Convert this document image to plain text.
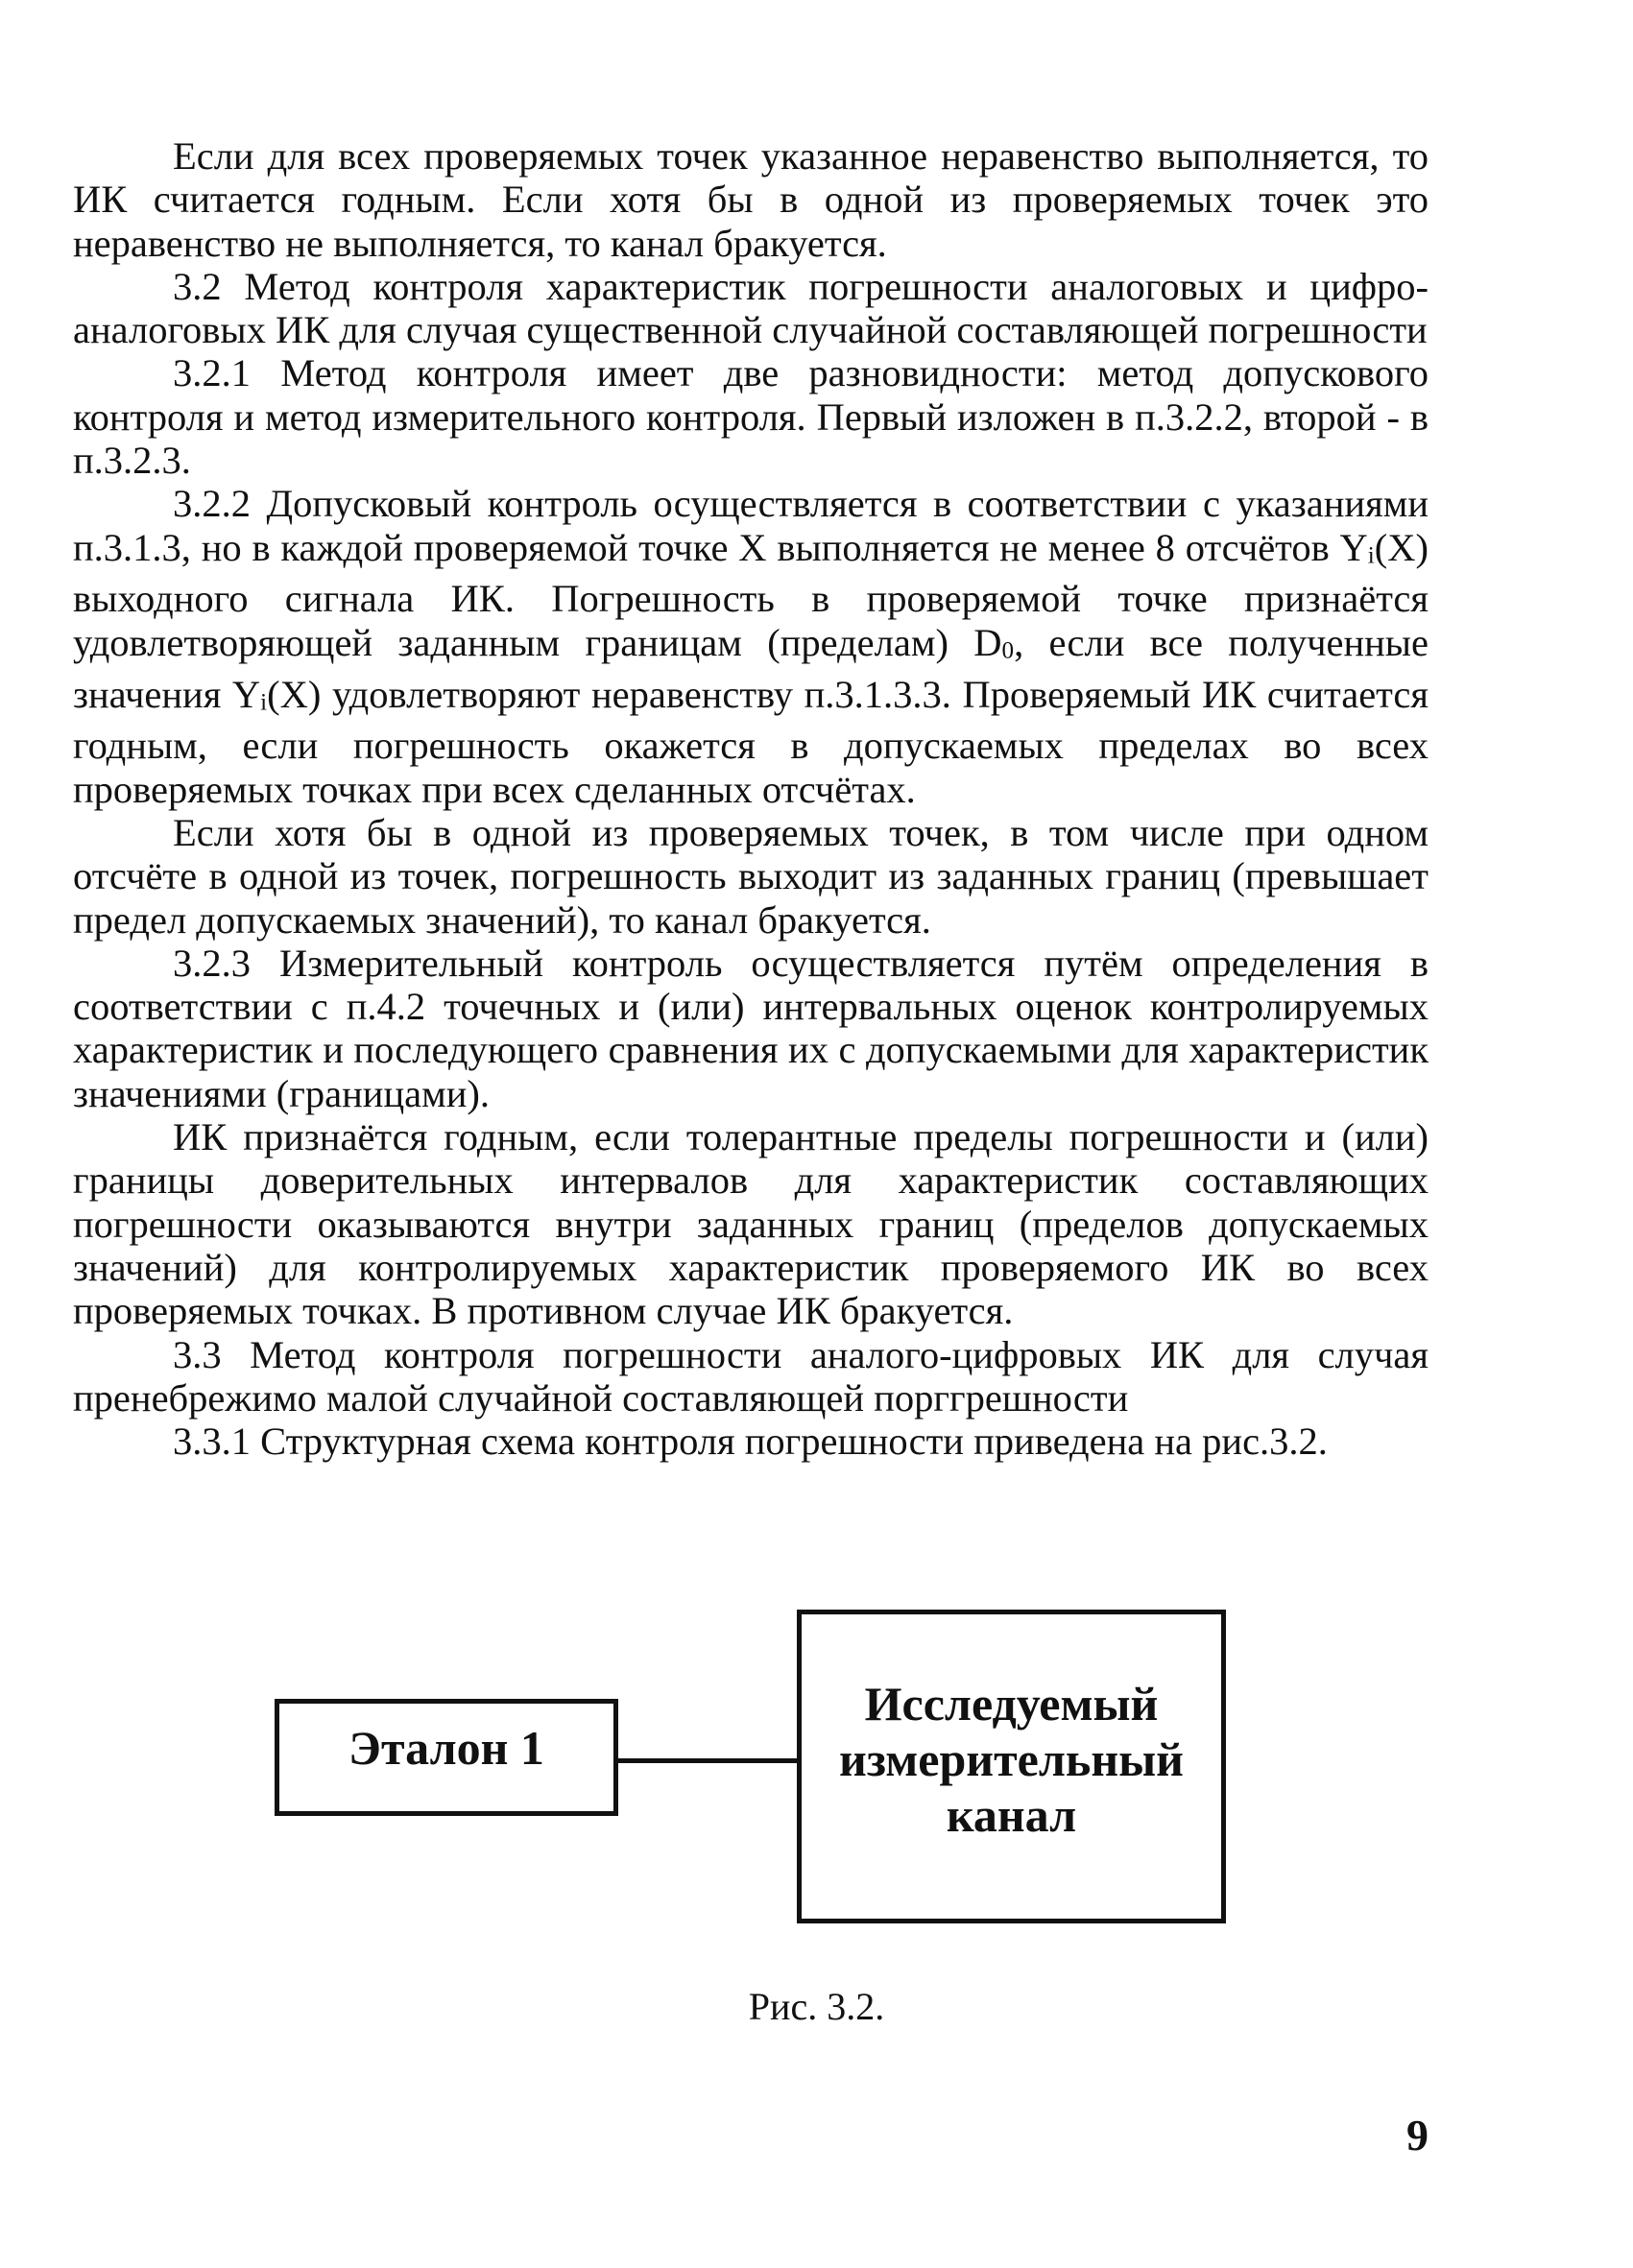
Если для всех проверяемых точек указанное неравенство выполняется, то ИК считается годным. Если хотя бы в одной из проверяемых точек это неравенство не выполняется, то канал бракуется.

3.2 Метод контроля характеристик погрешности аналоговых и цифро-аналоговых ИК для случая существенной случайной составляющей погрешности

3.2.1 Метод контроля имеет две разновидности: метод допускового контроля и метод измерительного контроля. Первый изложен в п.3.2.2, второй - в п.3.2.3.

3.2.2 Допусковый контроль осуществляется в соответствии с указаниями п.3.1.3, но в каждой проверяемой точке X выполняется не менее 8 отсчётов $Y_i(X)$ выходного сигнала ИК. Погрешность в проверяемой точке признаётся удовлетворяющей заданным границам (пределам) $D_0$, если все полученные значения $Y_i(X)$ удовлетворяют неравенству п.3.1.3.3. Проверяемый ИК считается годным, если погрешность окажется в допускаемых пределах во всех проверяемых точках при всех сделанных отсчётах.

Если хотя бы в одной из проверяемых точек, в том числе при одном отсчёте в одной из точек, погрешность выходит из заданных границ (превышает предел допускаемых значений), то канал бракуется.

3.2.3 Измерительный контроль осуществляется путём определения в соответствии с п.4.2 точечных и (или) интервальных оценок контролируемых характеристик и последующего сравнения их с допускаемыми для характеристик значениями (границами).

ИК признаётся годным, если толерантные пределы погрешности и (или) границы доверительных интервалов для характеристик составляющих погрешности оказываются внутри заданных границ (пределов допускаемых значений) для контролируемых характеристик проверяемого ИК во всех проверяемых точках. В противном случае ИК бракуется.

3.3 Метод контроля погрешности аналого-цифровых ИК для случая пренебрежимо малой случайной составляющей порггрешности

3.3.1 Структурная схема контроля погрешности приведена на рис.3.2.

Эталон 1
Исследуемый
измерительный
канал
Рис. 3.2.
9
